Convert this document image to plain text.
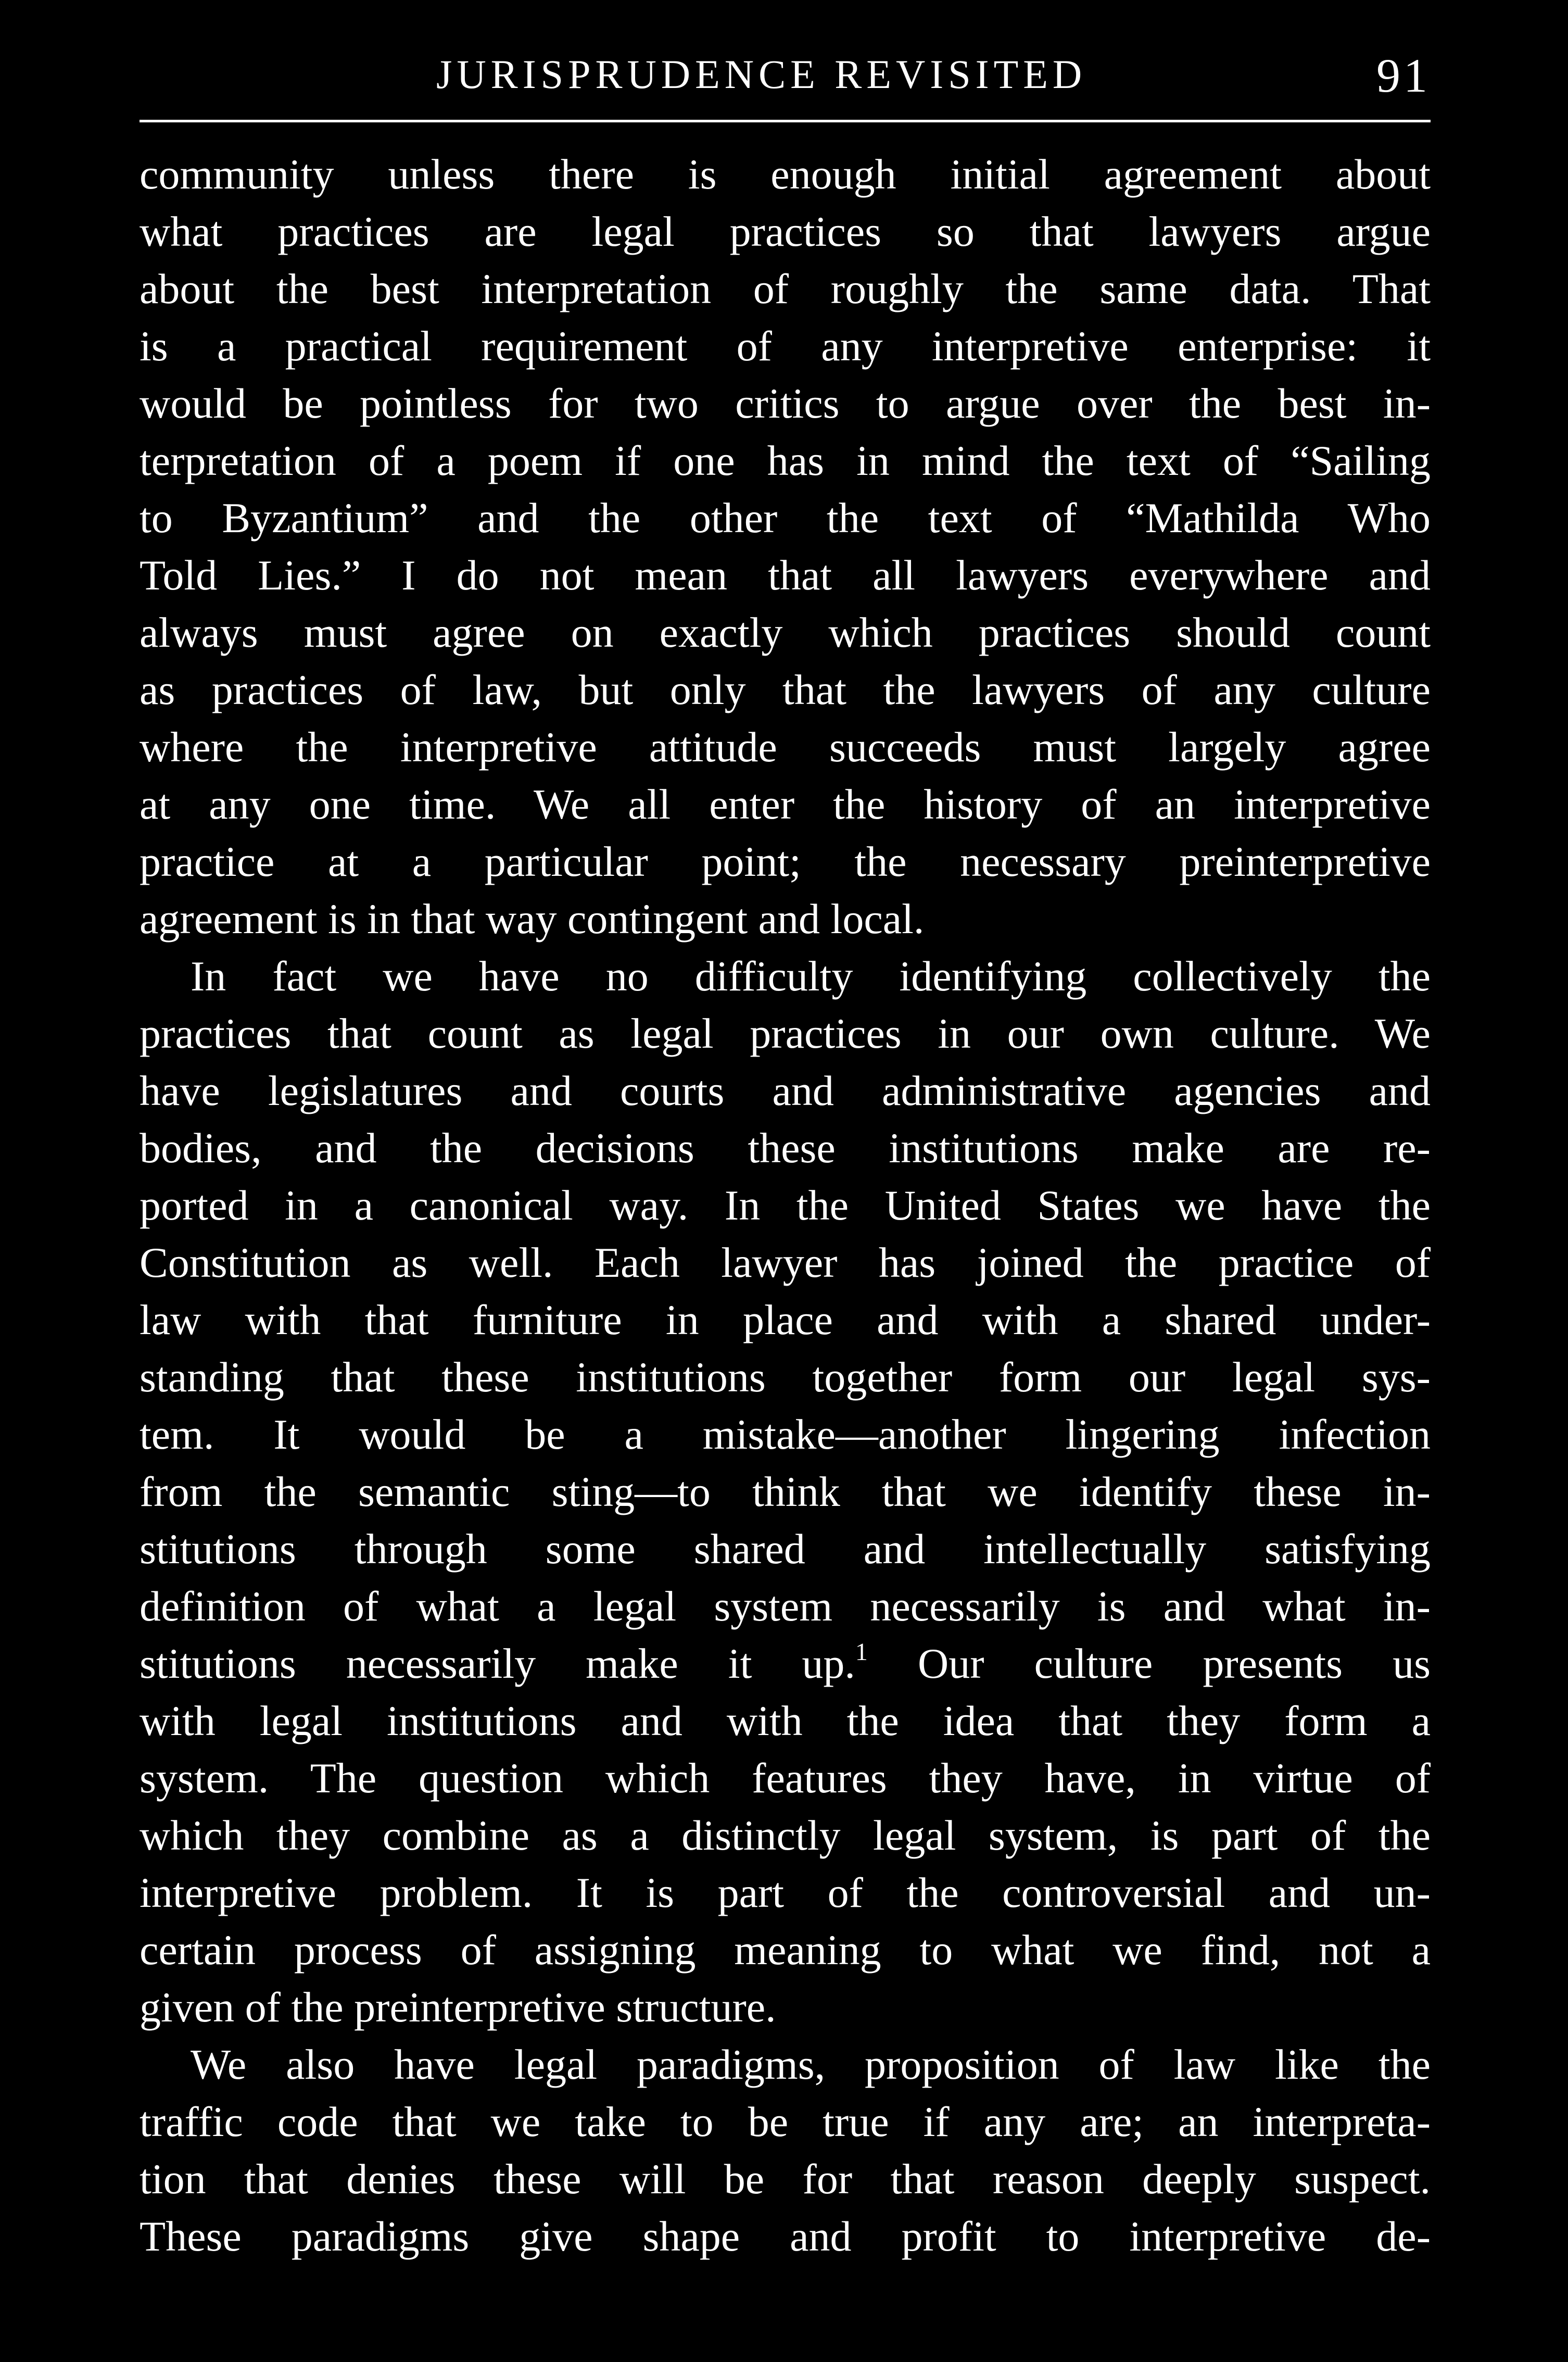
JURISPRUDENCE REVISITED	91
community unless there is enough initial agreement about
what practices are legal practices so that lawyers argue
about the best interpretation of roughly the same data. That
is a practical requirement of any interpretive enterprise: it
would be pointless for two critics to argue over the best in-
terpretation of a poem if one has in mind the text of “Sailing
to Byzantium” and the other the text of “Mathilda Who
Told Lies.” I do not mean that all lawyers everywhere and
always must agree on exactly which practices should count
as practices of law, but only that the lawyers of any culture
where the interpretive attitude succeeds must largely agree
at any one time. We all enter the history of an interpretive
practice at a particular point; the necessary preinterpretive
agreement is in that way contingent and local.
In fact we have no difficulty identifying collectively the
practices that count as legal practices in our own culture. We
have legislatures and courts and administrative agencies and
bodies, and the decisions these institutions make are re-
ported in a canonical way. In the United States we have the
Constitution as well. Each lawyer has joined the practice of
law with that furniture in place and with a shared under-
standing that these institutions together form our legal sys-
tem. It would be a mistake—another lingering infection
from the semantic sting—to think that we identify these in-
stitutions through some shared and intellectually satisfying
definition of what a legal system necessarily is and what in-
stitutions necessarily make it up.$^1$ Our culture presents us
with legal institutions and with the idea that they form a
system. The question which features they have, in virtue of
which they combine as a distinctly legal system, is part of the
interpretive problem. It is part of the controversial and un-
certain process of assigning meaning to what we find, not a
given of the preinterpretive structure.
We also have legal paradigms, proposition of law like the
traffic code that we take to be true if any are; an interpreta-
tion that denies these will be for that reason deeply suspect.
These paradigms give shape and profit to interpretive de-
